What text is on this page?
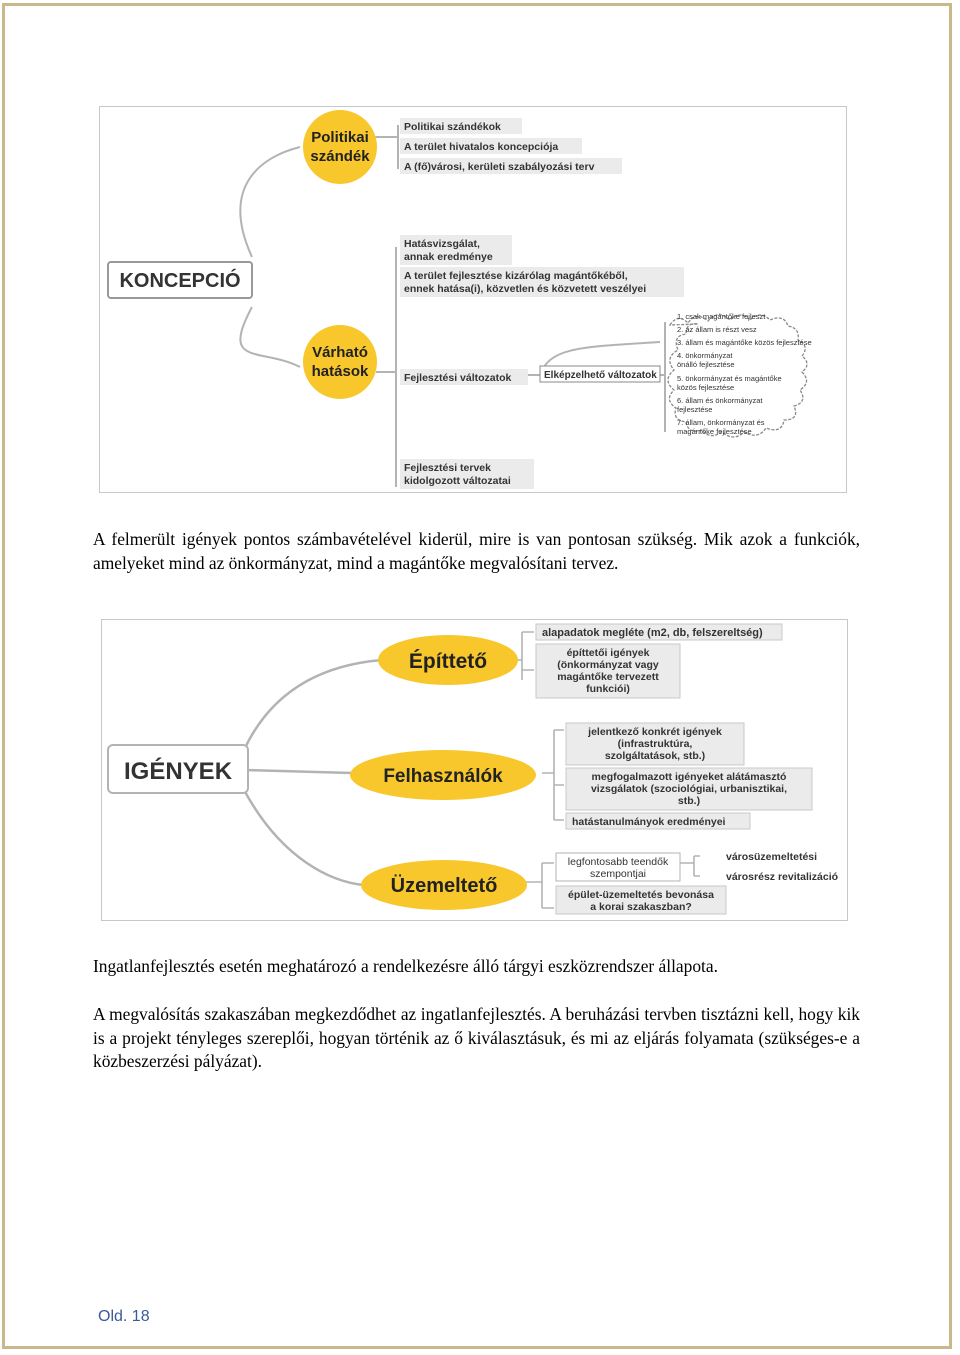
Politikai
szándék
Várható
hatások
KONCEPCIÓ
Politikai szándékok
A terület hivatalos koncepciója
A (fő)városi, kerületi szabályozási terv
Hatásvizsgálat,
annak eredménye
A terület fejlesztése kizárólag magántőkéből,
ennek hatása(i), közvetlen és közvetett veszélyei
Fejlesztési változatok	Elképzelhető változatok
1. csak magántőke fejleszt
2. az állam is részt vesz
3. állam és magántőke közös fejlesztése
4. önkormányzat
önálló fejlesztése
5. önkormányzat és magántőke
közös fejlesztése
6. állam és önkormányzat
fejlesztése
7. állam, önkormányzat és
magántőke fejlesztése
Fejlesztési tervek
kidolgozott változatai

A felmerült igények pontos számbavételével kiderül, mire is van pontosan szükség. Mik azok a funkciók, amelyeket mind az önkormányzat, mind a magántőke megvalósítani tervez.

Építtető
Felhasználók
Üzemeltető
IGÉNYEK
alapadatok megléte (m2, db, felszereltség)
építtetői igények
(önkormányzat vagy
magántőke tervezett
funkciói)
jelentkező konkrét igények
(infrastruktúra,
szolgáltatások, stb.)
megfogalmazott igényeket alátámasztó
vizsgálatok (szociológiai, urbanisztikai,
stb.)
hatástanulmányok eredményei
legfontosabb teendők
szempontjai
épület-üzemeltetés bevonása
a korai szakaszban?
városüzemeltetési
városrész revitalizáció

Ingatlanfejlesztés esetén meghatározó a rendelkezésre álló tárgyi eszközrendszer állapota.

A megvalósítás szakaszában megkezdődhet az ingatlanfejlesztés. A beruházási tervben tisztázni kell, hogy kik is a projekt tényleges szereplői, hogyan történik az ő kiválasztásuk, és mi az eljárás folyamata (szükséges-e a közbeszerzési pályázat).

Old. 18
